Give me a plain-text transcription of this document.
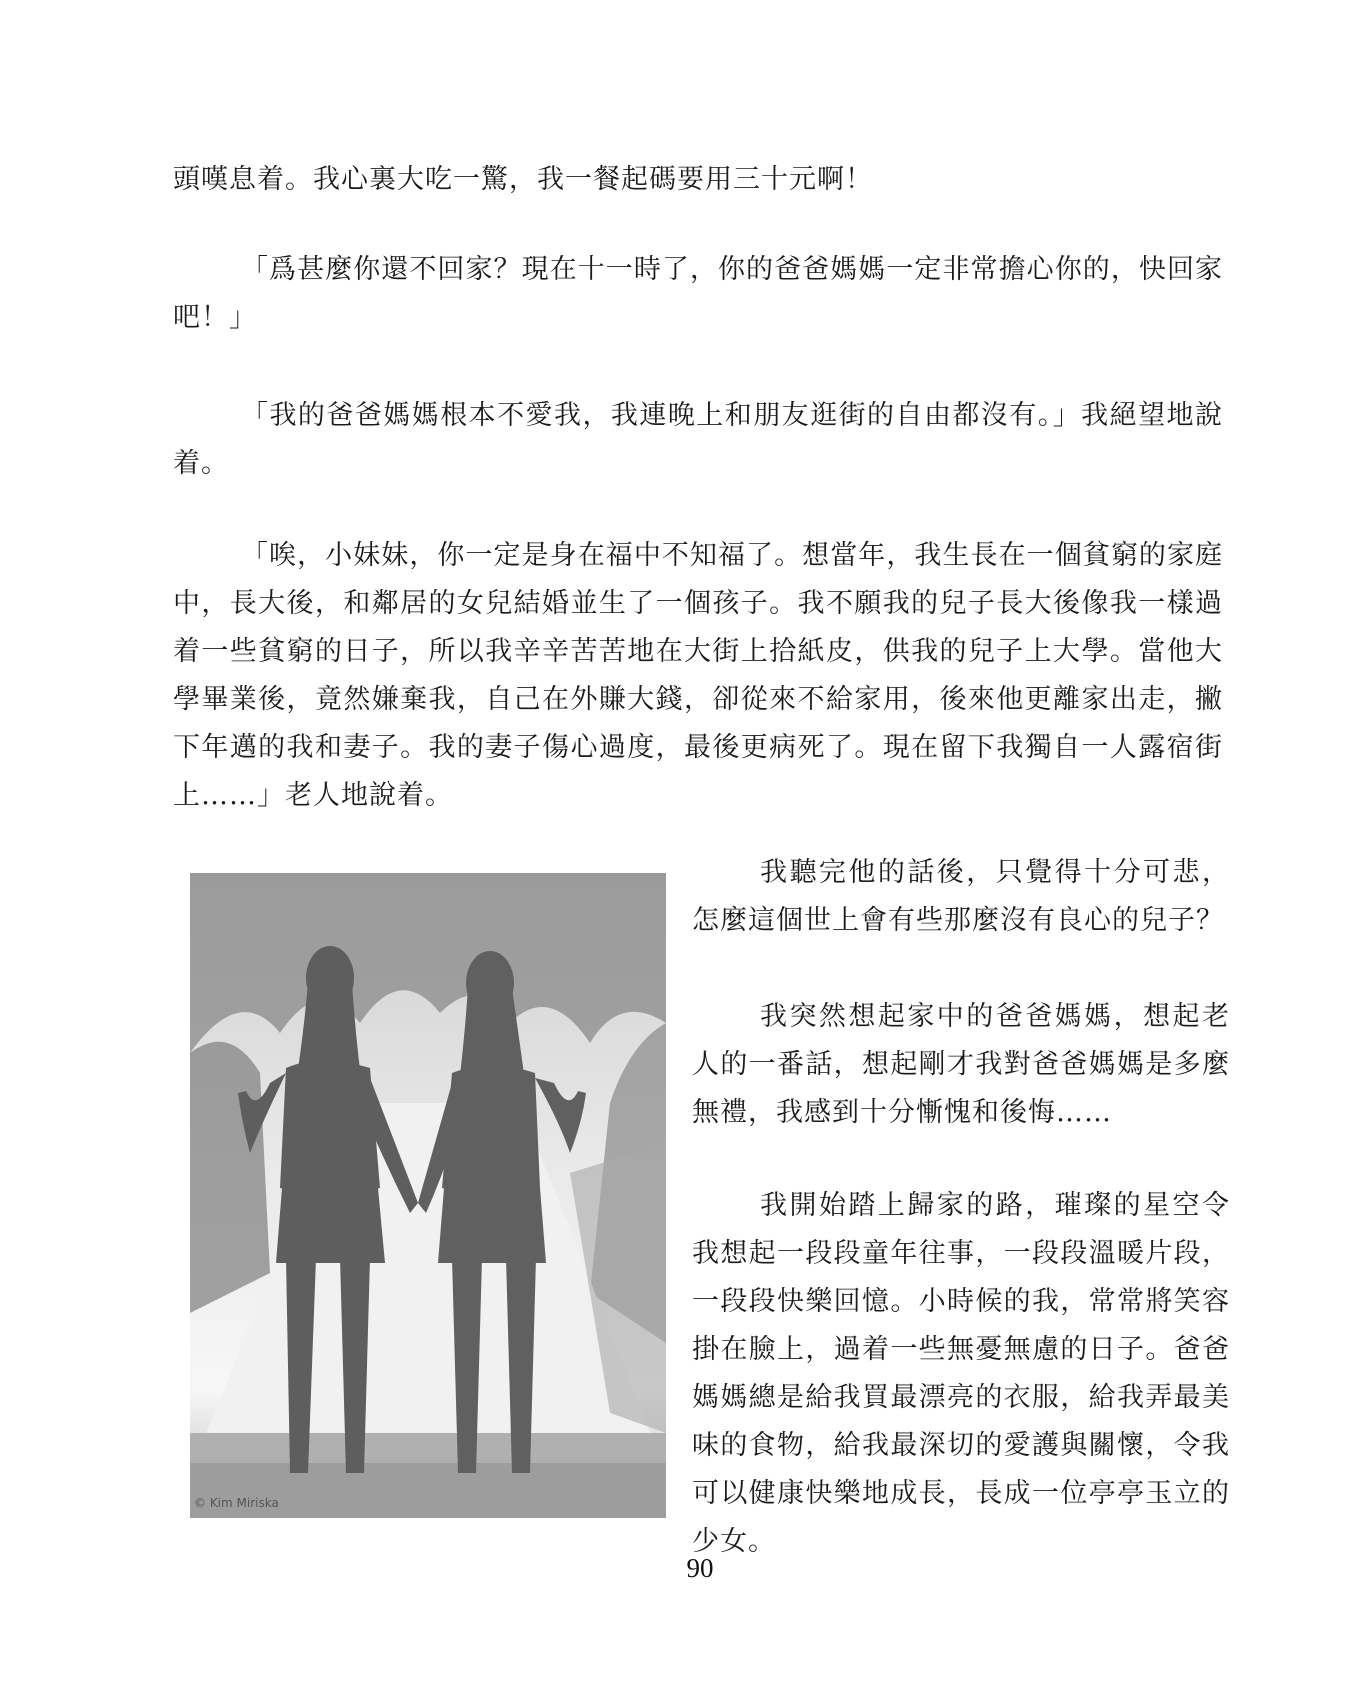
頭嘆息着。我心裏大吃一驚，我一餐起碼要用三十元啊！

「爲甚麼你還不回家？現在十一時了，你的爸爸媽媽一定非常擔心你的，快回家吧！」

「我的爸爸媽媽根本不愛我，我連晚上和朋友逛街的自由都沒有。」我絕望地說着。

「唉，小妹妹，你一定是身在福中不知福了。想當年，我生長在一個貧窮的家庭中，長大後，和鄰居的女兒結婚並生了一個孩子。我不願我的兒子長大後像我一樣過着一些貧窮的日子，所以我辛辛苦苦地在大街上拾紙皮，供我的兒子上大學。當他大學畢業後，竟然嫌棄我，自己在外賺大錢，卻從來不給家用，後來他更離家出走，撇下年邁的我和妻子。我的妻子傷心過度，最後更病死了。現在留下我獨自一人露宿街上……」老人地說着。

© Kim Miriska

我聽完他的話後，只覺得十分可悲，怎麼這個世上會有些那麼沒有良心的兒子？

我突然想起家中的爸爸媽媽，想起老人的一番話，想起剛才我對爸爸媽媽是多麼無禮，我感到十分慚愧和後悔……

我開始踏上歸家的路，璀璨的星空令我想起一段段童年往事，一段段溫暖片段，一段段快樂回憶。小時候的我，常常將笑容掛在臉上，過着一些無憂無慮的日子。爸爸媽媽總是給我買最漂亮的衣服，給我弄最美味的食物，給我最深切的愛護與關懷，令我可以健康快樂地成長，長成一位亭亭玉立的少女。

90
